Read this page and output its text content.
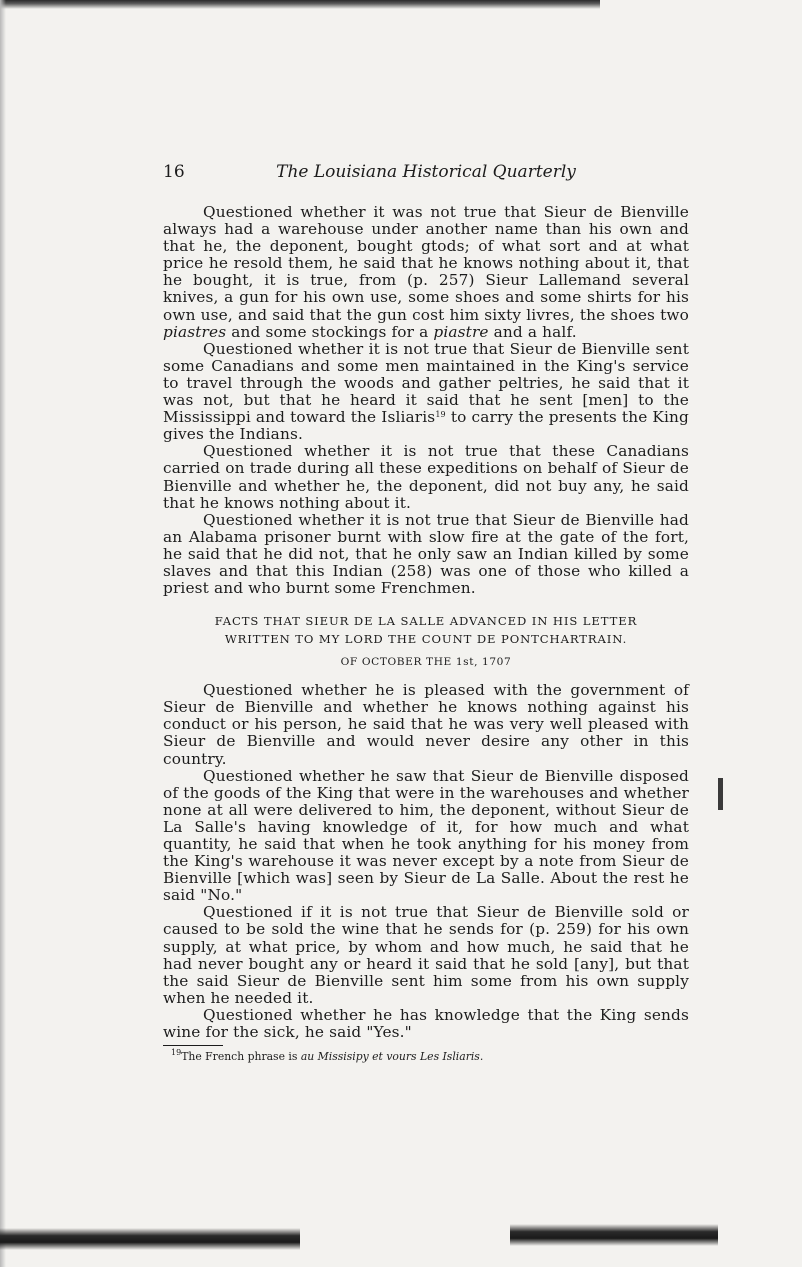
16	The Louisiana Historical Quarterly

Questioned whether it was not true that Sieur de Bienville always had a warehouse under another name than his own and that he, the deponent, bought gtods; of what sort and at what price he resold them, he said that he knows nothing about it, that he bought, it is true, from (p. 257) Sieur Lallemand several knives, a gun for his own use, some shoes and some shirts for his own use, and said that the gun cost him sixty livres, the shoes two piastres and some stockings for a piastre and a half.

Questioned whether it is not true that Sieur de Bienville sent some Canadians and some men maintained in the King's service to travel through the woods and gather peltries, he said that it was not, but that he heard it said that he sent [men] to the Mississippi and toward the Isliaris$^{19}$ to carry the presents the King gives the Indians.

Questioned whether it is not true that these Canadians carried on trade during all these expeditions on behalf of Sieur de Bienville and whether he, the deponent, did not buy any, he said that he knows nothing about it.

Questioned whether it is not true that Sieur de Bienville had an Alabama prisoner burnt with slow fire at the gate of the fort, he said that he did not, that he only saw an Indian killed by some slaves and that this Indian (258) was one of those who killed a priest and who burnt some Frenchmen.

FACTS THAT SIEUR DE LA SALLE ADVANCED IN HIS LETTER
WRITTEN TO MY LORD THE COUNT DE PONTCHARTRAIN.
OF OCTOBER THE 1st, 1707

Questioned whether he is pleased with the government of Sieur de Bienville and whether he knows nothing against his conduct or his person, he said that he was very well pleased with Sieur de Bienville and would never desire any other in this country.

Questioned whether he saw that Sieur de Bienville disposed of the goods of the King that were in the warehouses and whether none at all were delivered to him, the deponent, without Sieur de La Salle's having knowledge of it, for how much and what quantity, he said that when he took anything for his money from the King's warehouse it was never except by a note from Sieur de Bienville [which was] seen by Sieur de La Salle. About the rest he said "No."

Questioned if it is not true that Sieur de Bienville sold or caused to be sold the wine that he sends for (p. 259) for his own supply, at what price, by whom and how much, he said that he had never bought any or heard it said that he sold [any], but that the said Sieur de Bienville sent him some from his own supply when he needed it.

Questioned whether he has knowledge that the King sends wine for the sick, he said "Yes."

$^{19}$The French phrase is au Missisipy et vours Les Isliaris.
